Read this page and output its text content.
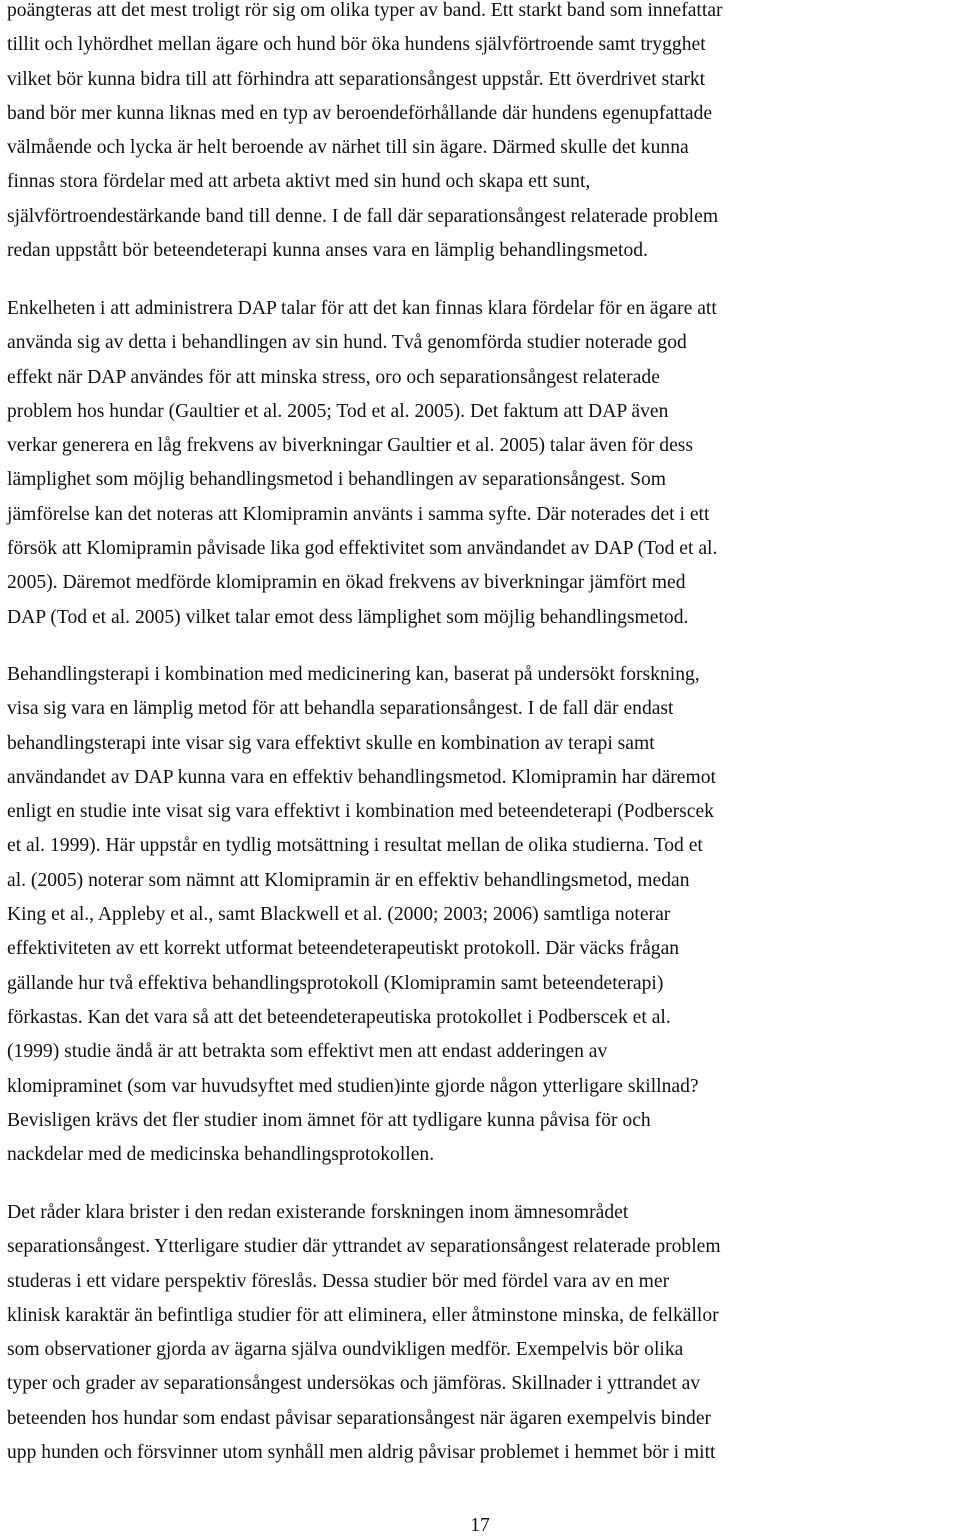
poängteras att det mest troligt rör sig om olika typer av band. Ett starkt band som innefattar
tillit och lyhördhet mellan ägare och hund bör öka hundens självförtroende samt trygghet
vilket bör kunna bidra till att förhindra att separationsångest uppstår. Ett överdrivet starkt
band bör mer kunna liknas med en typ av beroendeförhållande där hundens egenupfattade
välmående och lycka är helt beroende av närhet till sin ägare. Därmed skulle det kunna
finnas stora fördelar med att arbeta aktivt med sin hund och skapa ett sunt,
självförtroendestärkande band till denne. I de fall där separationsångest relaterade problem
redan uppstått bör beteendeterapi kunna anses vara en lämplig behandlingsmetod.
Enkelheten i att administrera DAP talar för att det kan finnas klara fördelar för en ägare att
använda sig av detta i behandlingen av sin hund. Två genomförda studier noterade god
effekt när DAP användes för att minska stress, oro och separationsångest relaterade
problem hos hundar (Gaultier et al. 2005; Tod et al. 2005). Det faktum att DAP även
verkar generera en låg frekvens av biverkningar Gaultier et al. 2005) talar även för dess
lämplighet som möjlig behandlingsmetod i behandlingen av separationsångest. Som
jämförelse kan det noteras att Klomipramin använts i samma syfte. Där noterades det i ett
försök att Klomipramin påvisade lika god effektivitet som användandet av DAP (Tod et al.
2005). Däremot medförde klomipramin en ökad frekvens av biverkningar jämfört med
DAP (Tod et al. 2005) vilket talar emot dess lämplighet som möjlig behandlingsmetod.
Behandlingsterapi i kombination med medicinering kan, baserat på undersökt forskning,
visa sig vara en lämplig metod för att behandla separationsångest. I de fall där endast
behandlingsterapi inte visar sig vara effektivt skulle en kombination av terapi samt
användandet av DAP kunna vara en effektiv behandlingsmetod. Klomipramin har däremot
enligt en studie inte visat sig vara effektivt i kombination med beteendeterapi (Podberscek
et al. 1999). Här uppstår en tydlig motsättning i resultat mellan de olika studierna. Tod et
al. (2005) noterar som nämnt att Klomipramin är en effektiv behandlingsmetod, medan
King et al., Appleby et al., samt Blackwell et al. (2000; 2003; 2006) samtliga noterar
effektiviteten av ett korrekt utformat beteendeterapeutiskt protokoll. Där väcks frågan
gällande hur två effektiva behandlingsprotokoll (Klomipramin samt beteendeterapi)
förkastas. Kan det vara så att det beteendeterapeutiska protokollet i Podberscek et al.
(1999) studie ändå är att betrakta som effektivt men att endast adderingen av
klomipraminet (som var huvudsyftet med studien)inte gjorde någon ytterligare skillnad?
Bevisligen krävs det fler studier inom ämnet för att tydligare kunna påvisa för och
nackdelar med de medicinska behandlingsprotokollen.
Det råder klara brister i den redan existerande forskningen inom ämnesområdet
separationsångest. Ytterligare studier där yttrandet av separationsångest relaterade problem
studeras i ett vidare perspektiv föreslås. Dessa studier bör med fördel vara av en mer
klinisk karaktär än befintliga studier för att eliminera, eller åtminstone minska, de felkällor
som observationer gjorda av ägarna själva oundvikligen medför. Exempelvis bör olika
typer och grader av separationsångest undersökas och jämföras. Skillnader i yttrandet av
beteenden hos hundar som endast påvisar separationsångest när ägaren exempelvis binder
upp hunden och försvinner utom synhåll men aldrig påvisar problemet i hemmet bör i mitt
17
